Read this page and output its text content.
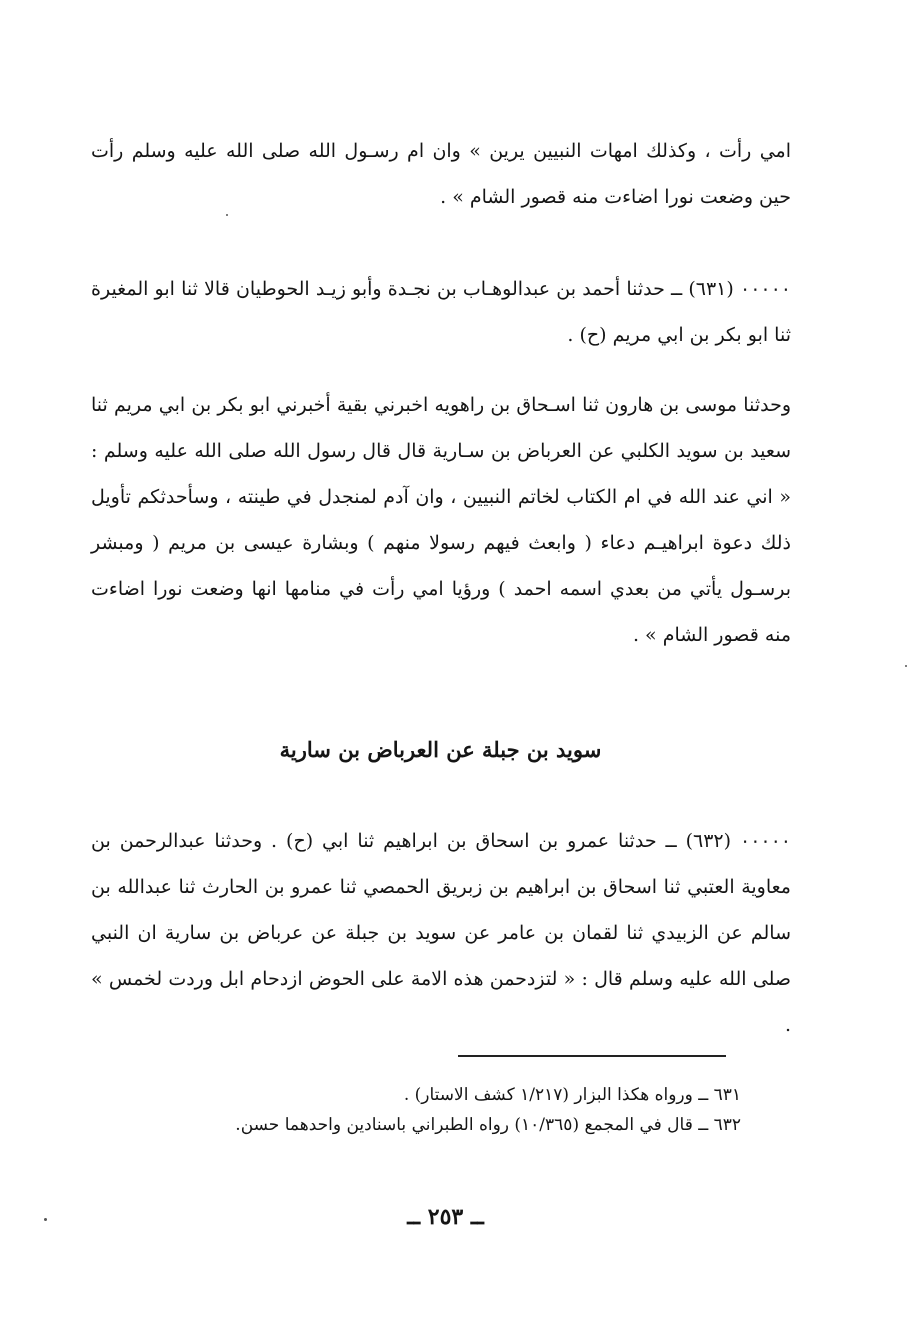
امي رأت ، وكذلك امهات النبيين يرين » وان ام رسـول الله صلى الله عليه وسلم رأت حين وضعت نورا اضاءت منه قصور الشام » .

٠٠٠٠٠ (٦٣١) ــ حدثنا أحمد بن عبدالوهـاب بن نجـدة وأبو زيـد الحوطيان قالا ثنا ابو المغيرة ثنا ابو بكر بن ابي مريم (ح) .

وحدثنا موسى بن هارون ثنا اسـحاق بن راهويه اخبرني بقية أخبرني ابو بكر بن ابي مريم ثنا سعيد بن سويد الكلبي عن العرباض بن سـارية قال قال رسول الله صلى الله عليه وسلم : « اني عند الله في ام الكتاب لخاتم النبيين ، وان آدم لمنجدل في طينته ، وسأحدثكم تأويل ذلك دعوة ابراهيـم دعاء ( وابعث فيهم رسولا منهم ) وبشارة عيسى بن مريم ( ومبشر برسـول يأتي من بعدي اسمه احمد ) ورؤيا امي رأت في منامها انها وضعت نورا اضاءت منه قصور الشام » .

سويد بن جبلة عن العرباض بن سارية

٠٠٠٠٠ (٦٣٢) ــ حدثنا عمرو بن اسحاق بن ابراهيم ثنا ابي (ح) . وحدثنا عبدالرحمن بن معاوية العتبي ثنا اسحاق بن ابراهيم بن زبريق الحمصي ثنا عمرو بن الحارث ثنا عبدالله بن سالم عن الزبيدي ثنا لقمان بن عامر عن سويد بن جبلة عن عرباض بن سارية ان النبي صلى الله عليه وسلم قال : « لتزدحمن هذه الامة على الحوض ازدحام ابل وردت لخمس » .

٦٣١ ــ ورواه هكذا البزار (١/٢١٧ كشف الاستار) .

٦٣٢ ــ قال في المجمع (١٠/٣٦٥) رواه الطبراني باسنادين واحدهما حسن.

ــ ٢٥٣ ــ
